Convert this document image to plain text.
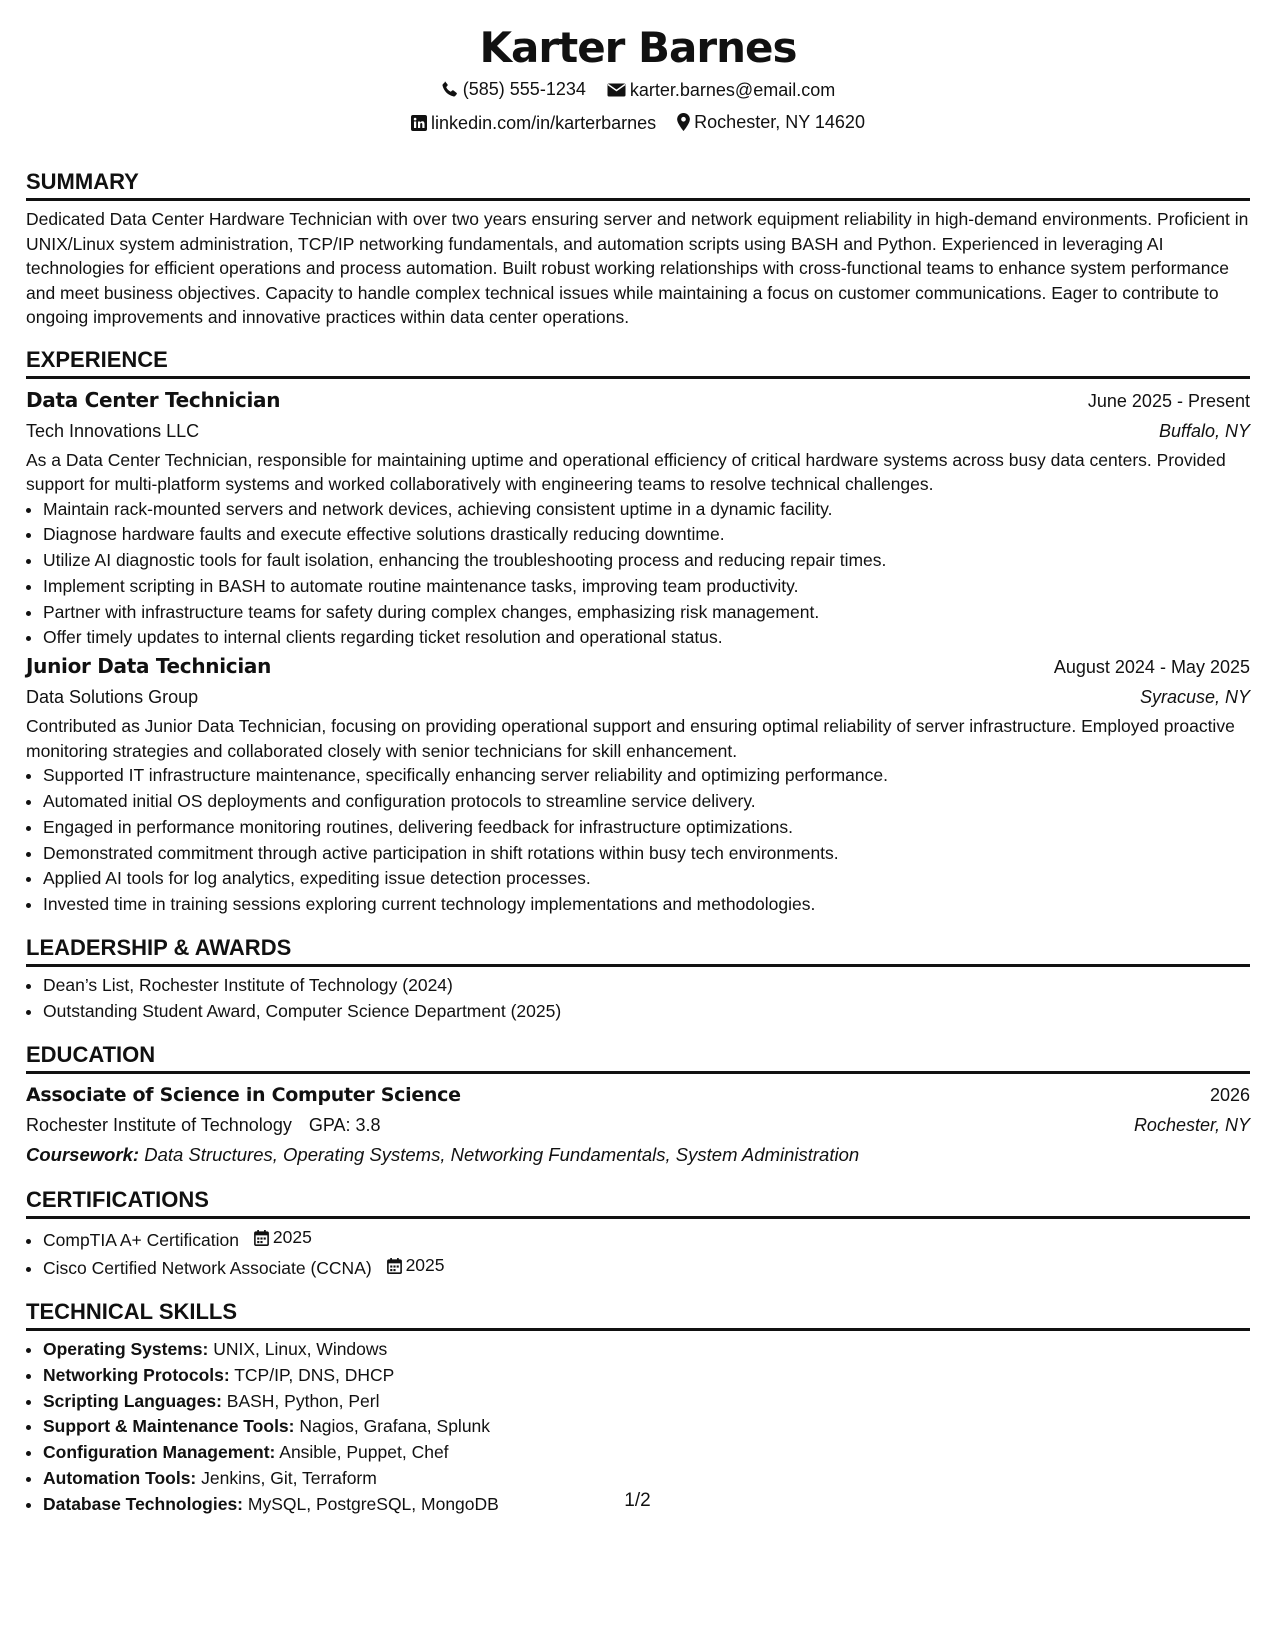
Karter Barnes
(585) 555-1234
karter.barnes@email.com
linkedin.com/in/karterbarnes
Rochester, NY 14620
SUMMARY

Dedicated Data Center Hardware Technician with over two years ensuring server and network equipment reliability in high-demand environments. Proficient in UNIX/Linux system administration, TCP/IP networking fundamentals, and automation scripts using BASH and Python. Experienced in leveraging AI technologies for efficient operations and process automation. Built robust working relationships with cross-functional teams to enhance system performance and meet business objectives. Capacity to handle complex technical issues while maintaining a focus on customer communications. Eager to contribute to ongoing improvements and innovative practices within data center operations.

EXPERIENCE
Data Center Technician	June 2025 - Present
Tech Innovations LLC	Buffalo, NY

As a Data Center Technician, responsible for maintaining uptime and operational efficiency of critical hardware systems across busy data centers. Provided support for multi-platform systems and worked collaboratively with engineering teams to resolve technical challenges.

• Maintain rack-mounted servers and network devices, achieving consistent uptime in a dynamic facility.
• Diagnose hardware faults and execute effective solutions drastically reducing downtime.
• Utilize AI diagnostic tools for fault isolation, enhancing the troubleshooting process and reducing repair times.
• Implement scripting in BASH to automate routine maintenance tasks, improving team productivity.
• Partner with infrastructure teams for safety during complex changes, emphasizing risk management.
• Offer timely updates to internal clients regarding ticket resolution and operational status.
Junior Data Technician	August 2024 - May 2025
Data Solutions Group	Syracuse, NY

Contributed as Junior Data Technician, focusing on providing operational support and ensuring optimal reliability of server infrastructure. Employed proactive monitoring strategies and collaborated closely with senior technicians for skill enhancement.

• Supported IT infrastructure maintenance, specifically enhancing server reliability and optimizing performance.
• Automated initial OS deployments and configuration protocols to streamline service delivery.
• Engaged in performance monitoring routines, delivering feedback for infrastructure optimizations.
• Demonstrated commitment through active participation in shift rotations within busy tech environments.
• Applied AI tools for log analytics, expediting issue detection processes.
• Invested time in training sessions exploring current technology implementations and methodologies.
LEADERSHIP & AWARDS
• Dean’s List, Rochester Institute of Technology (2024)
• Outstanding Student Award, Computer Science Department (2025)
EDUCATION
Associate of Science in Computer Science	2026
Rochester Institute of Technology GPA: 3.8	Rochester, NY
Coursework: Data Structures, Operating Systems, Networking Fundamentals, System Administration
CERTIFICATIONS
• CompTIA A+ Certification 2025
• Cisco Certified Network Associate (CCNA) 2025
TECHNICAL SKILLS
• Operating Systems: UNIX, Linux, Windows
• Networking Protocols: TCP/IP, DNS, DHCP
• Scripting Languages: BASH, Python, Perl
• Support & Maintenance Tools: Nagios, Grafana, Splunk
• Configuration Management: Ansible, Puppet, Chef
• Automation Tools: Jenkins, Git, Terraform
• Database Technologies: MySQL, PostgreSQL, MongoDB	1/2
